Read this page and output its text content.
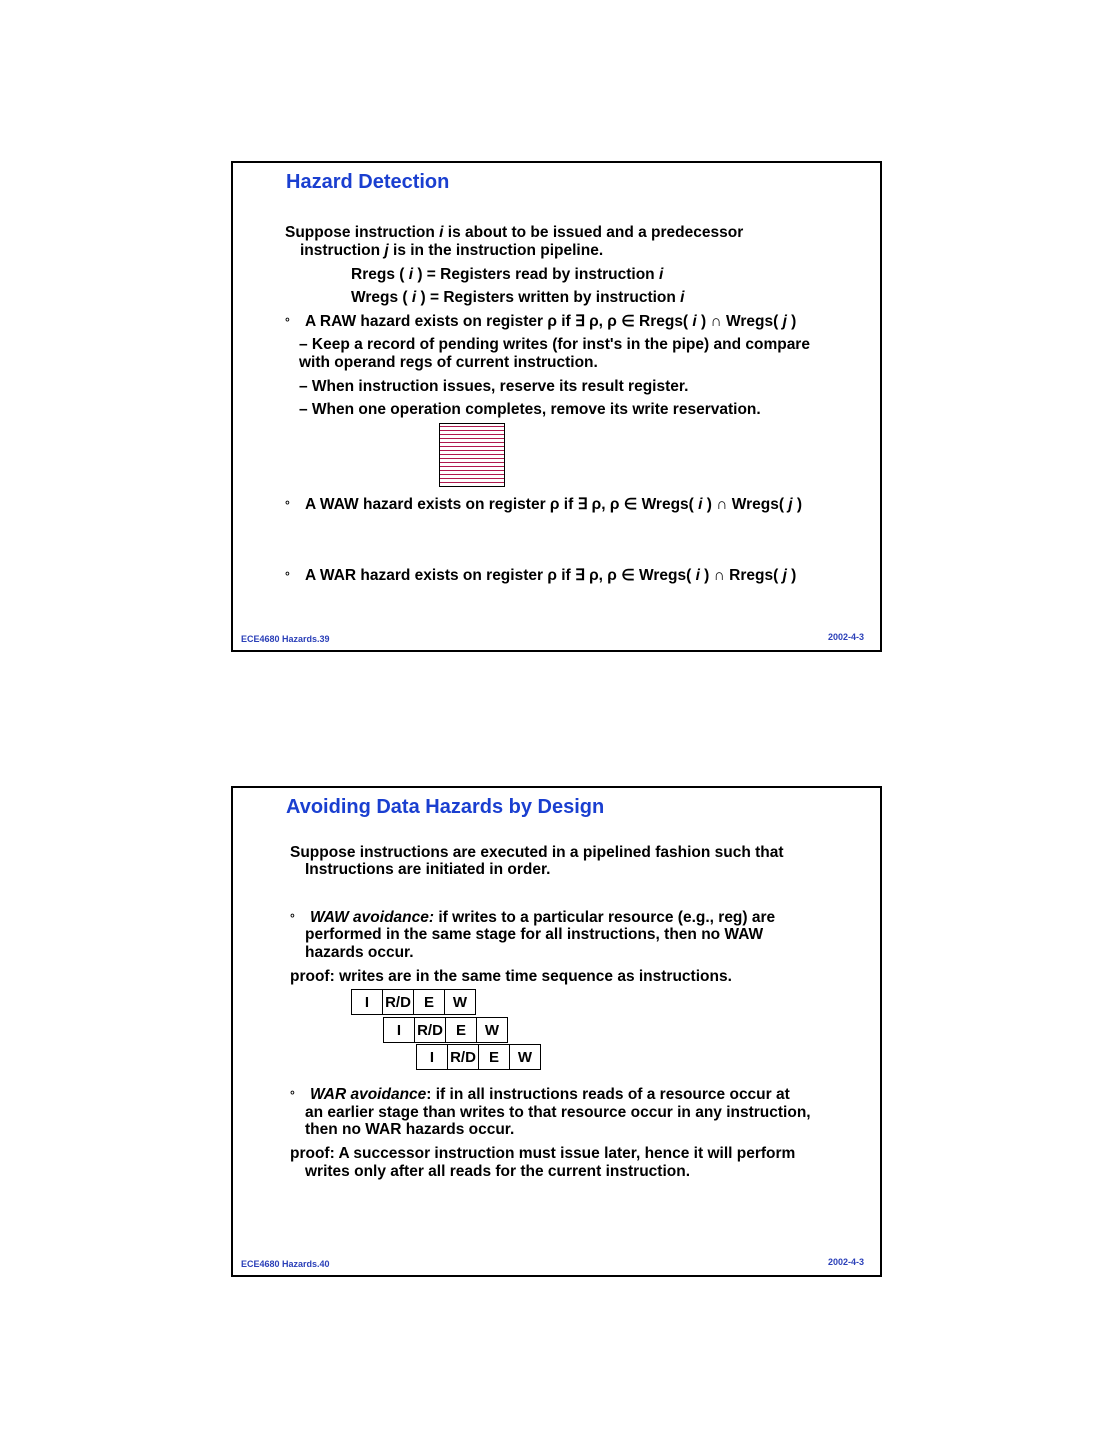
Hazard Detection
Suppose instruction i is about to be issued and a predecessor
instruction j is in the instruction pipeline.
Rregs ( i ) = Registers read by instruction i
Wregs ( i ) = Registers written by instruction i
° A RAW hazard exists on register ρ if ∃ ρ, ρ ∈ Rregs( i ) ∩ Wregs( j )
– Keep a record of pending writes (for inst's in the pipe) and compare
with operand regs of current instruction.
– When instruction issues, reserve its result register.
– When one operation completes, remove its write reservation.
° A WAW hazard exists on register ρ if ∃ ρ, ρ ∈ Wregs( i ) ∩ Wregs( j )
° A WAR hazard exists on register ρ if ∃ ρ, ρ ∈ Wregs( i ) ∩ Rregs( j )
ECE4680 Hazards.39	2002-4-3
Avoiding Data Hazards by Design
Suppose instructions are executed in a pipelined fashion such that
Instructions are initiated in order.
° WAW avoidance: if writes to a particular resource (e.g., reg) are
performed in the same stage for all instructions, then no WAW
hazards occur.
proof: writes are in the same time sequence as instructions.
I	R/D E	W
I	R/D E	W
I	R/D E	W
° WAR avoidance: if in all instructions reads of a resource occur at
an earlier stage than writes to that resource occur in any instruction,
then no WAR hazards occur.
proof: A successor instruction must issue later, hence it will perform
writes only after all reads for the current instruction.
ECE4680 Hazards.40	2002-4-3
